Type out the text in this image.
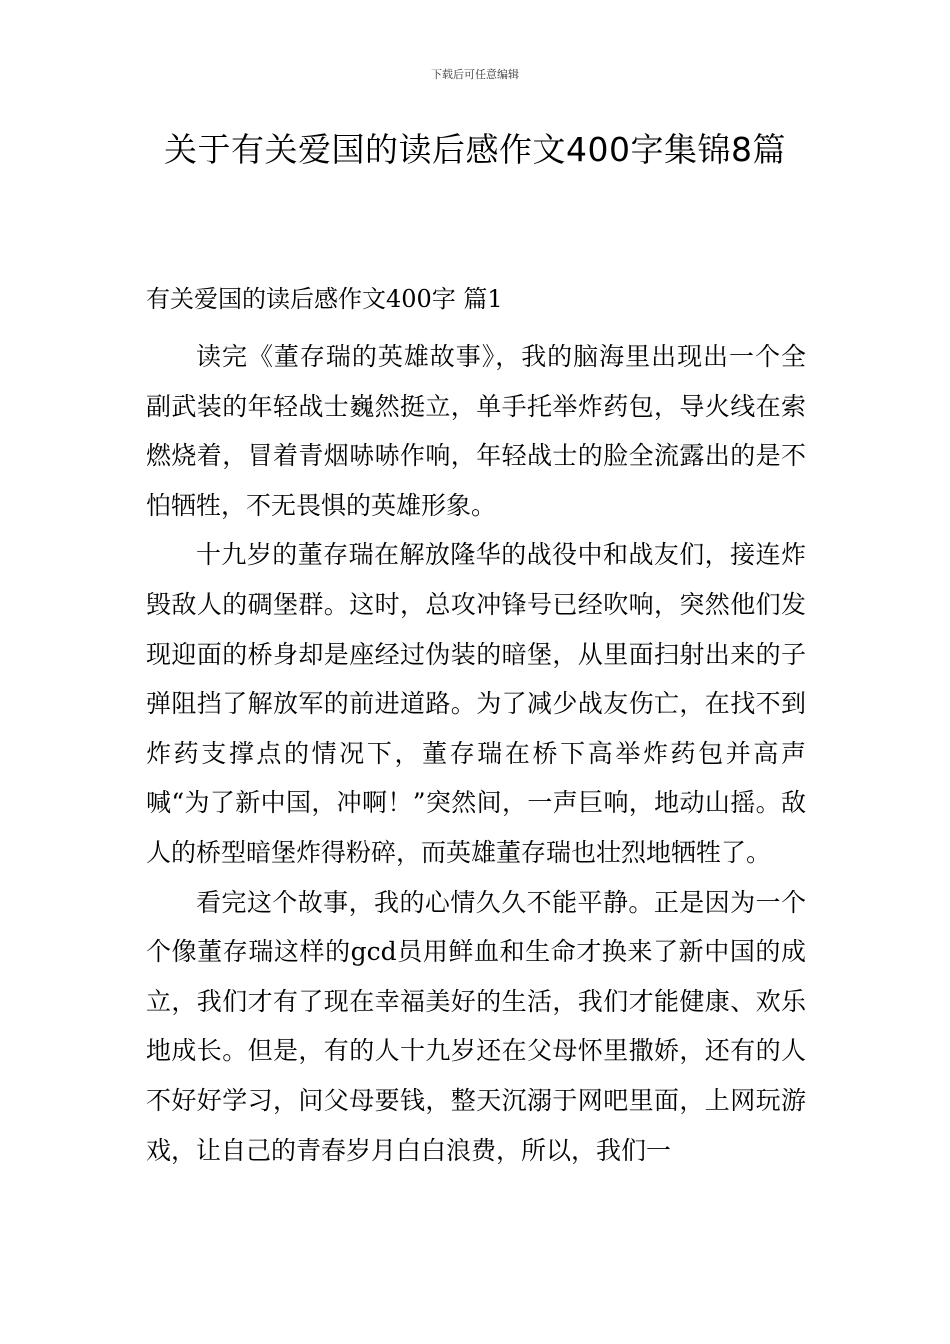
下载后可任意编辑
关于有关爱国的读后感作文400字集锦8篇
有关爱国的读后感作文400字 篇1

读完《董存瑞的英雄故事》，我的脑海里出现出一个全副武装的年轻战士巍然挺立，单手托举炸药包，导火线在索燃烧着，冒着青烟哧哧作响，年轻战士的脸全流露出的是不怕牺牲，不无畏惧的英雄形象。

十九岁的董存瑞在解放隆华的战役中和战友们，接连炸毁敌人的碉堡群。这时，总攻冲锋号已经吹响，突然他们发现迎面的桥身却是座经过伪装的暗堡，从里面扫射出来的子弹阻挡了解放军的前进道路。为了减少战友伤亡，在找不到炸药支撑点的情况下，董存瑞在桥下高举炸药包并高声喊“为了新中国，冲啊！”突然间，一声巨响，地动山摇。敌人的桥型暗堡炸得粉碎，而英雄董存瑞也壮烈地牺牲了。

看完这个故事，我的心情久久不能平静。正是因为一个个像董存瑞这样的gcd员用鲜血和生命才换来了新中国的成立，我们才有了现在幸福美好的生活，我们才能健康、欢乐地成长。但是，有的人十九岁还在父母怀里撒娇，还有的人不好好学习，问父母要钱，整天沉溺于网吧里面，上网玩游戏，让自己的青春岁月白白浪费，所以，我们一
